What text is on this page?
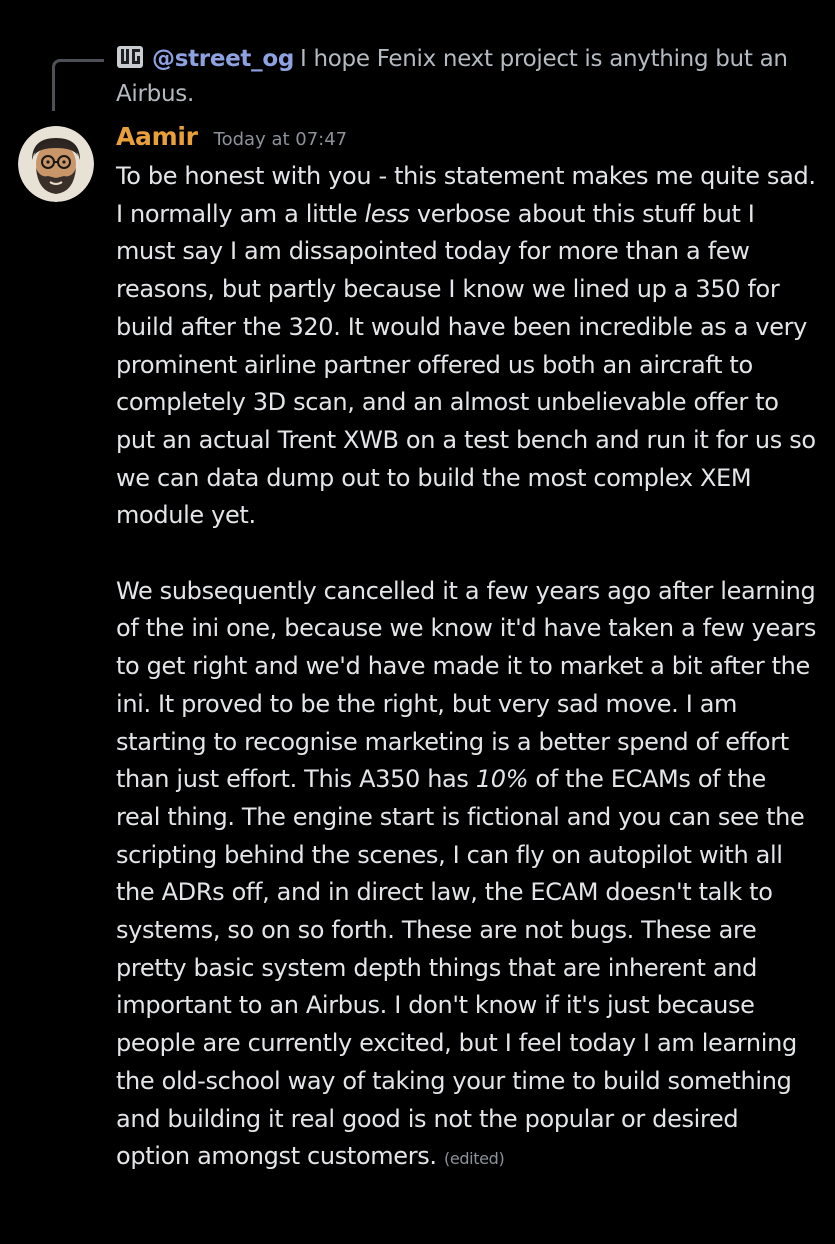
@street_og I hope Fenix next project is anything but an Airbus.
Aamir Today at 07:47

To be honest with you - this statement makes me quite sad. I normally am a little less verbose about this stuff but I must say I am dissapointed today for more than a few reasons, but partly because I know we lined up a 350 for build after the 320. It would have been incredible as a very prominent airline partner offered us both an aircraft to completely 3D scan, and an almost unbelievable offer to put an actual Trent XWB on a test bench and run it for us so we can data dump out to build the most complex XEM module yet.

We subsequently cancelled it a few years ago after learning of the ini one, because we know it'd have taken a few years to get right and we'd have made it to market a bit after the ini. It proved to be the right, but very sad move. I am starting to recognise marketing is a better spend of effort than just effort. This A350 has 10% of the ECAMs of the real thing. The engine start is fictional and you can see the scripting behind the scenes, I can fly on autopilot with all the ADRs off, and in direct law, the ECAM doesn't talk to systems, so on so forth. These are not bugs. These are pretty basic system depth things that are inherent and important to an Airbus. I don't know if it's just because people are currently excited, but I feel today I am learning the old-school way of taking your time to build something and building it real good is not the popular or desired option amongst customers. (edited)
